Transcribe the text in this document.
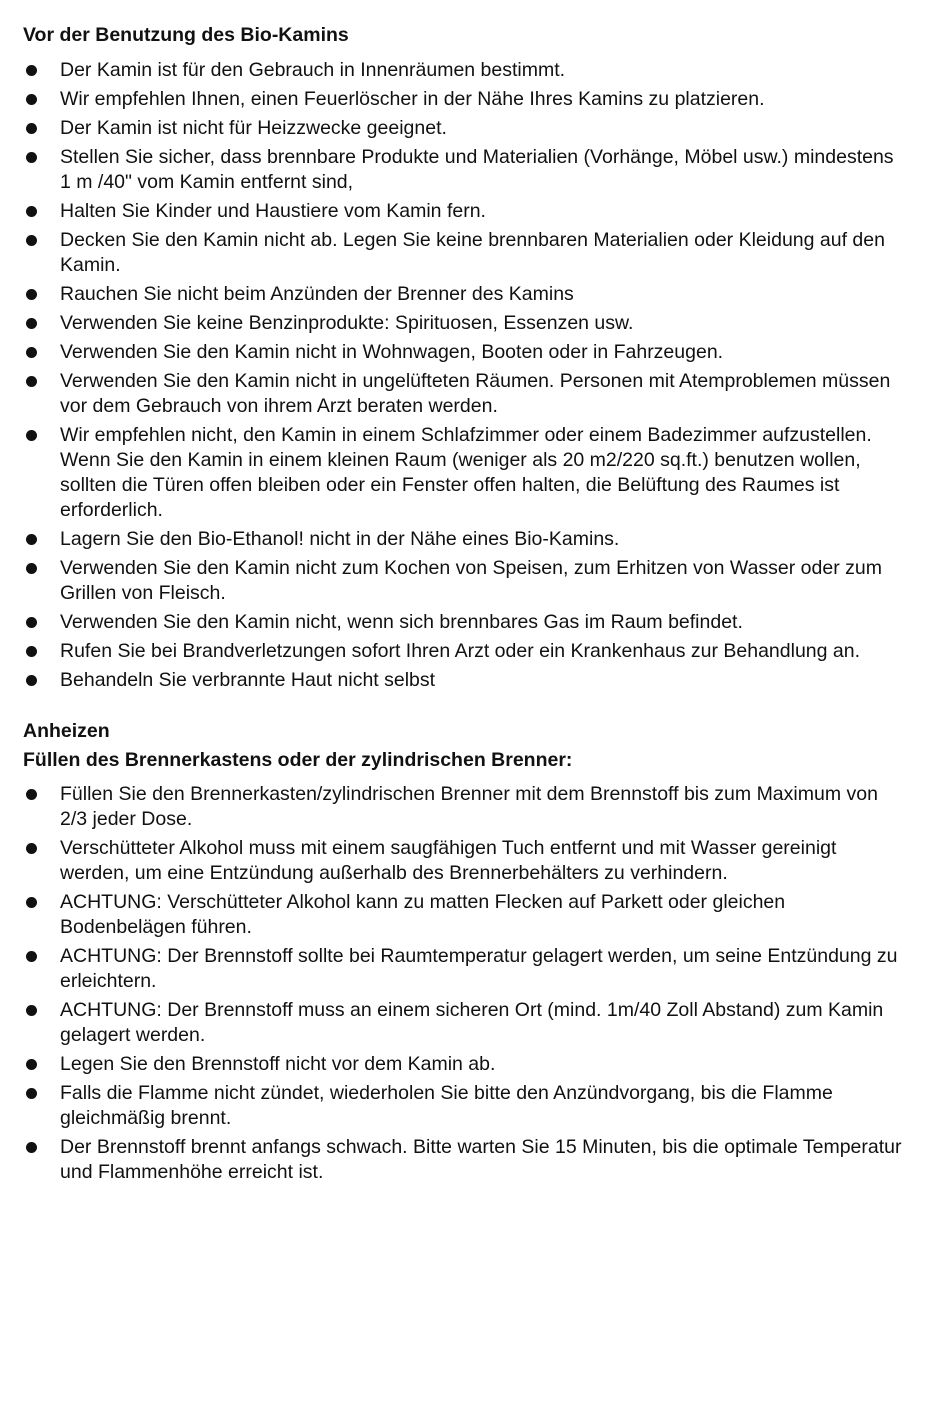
Vor der Benutzung des Bio-Kamins
Der Kamin ist für den Gebrauch in Innenräumen bestimmt.
Wir empfehlen Ihnen, einen Feuerlöscher in der Nähe Ihres Kamins zu platzieren.
Der Kamin ist nicht für Heizzwecke geeignet.
Stellen Sie sicher, dass brennbare Produkte und Materialien (Vorhänge, Möbel usw.) mindestens 1 m /40" vom Kamin entfernt sind,
Halten Sie Kinder und Haustiere vom Kamin fern.
Decken Sie den Kamin nicht ab. Legen Sie keine brennbaren Materialien oder Kleidung auf den Kamin.
Rauchen Sie nicht beim Anzünden der Brenner des Kamins
Verwenden Sie keine Benzinprodukte: Spirituosen, Essenzen usw.
Verwenden Sie den Kamin nicht in Wohnwagen, Booten oder in Fahrzeugen.
Verwenden Sie den Kamin nicht in ungelüfteten Räumen. Personen mit Atemproblemen müssen vor dem Gebrauch von ihrem Arzt beraten werden.
Wir empfehlen nicht, den Kamin in einem Schlafzimmer oder einem Badezimmer aufzustellen. Wenn Sie den Kamin in einem kleinen Raum (weniger als 20 m2/220 sq.ft.) benutzen wollen, sollten die Türen offen bleiben oder ein Fenster offen halten, die Belüftung des Raumes ist erforderlich.
Lagern Sie den Bio-Ethanol! nicht in der Nähe eines Bio-Kamins.
Verwenden Sie den Kamin nicht zum Kochen von Speisen, zum Erhitzen von Wasser oder zum Grillen von Fleisch.
Verwenden Sie den Kamin nicht, wenn sich brennbares Gas im Raum befindet.
Rufen Sie bei Brandverletzungen sofort Ihren Arzt oder ein Krankenhaus zur Behandlung an.
Behandeln Sie verbrannte Haut nicht selbst
Anheizen
Füllen des Brennerkastens oder der zylindrischen Brenner:
Füllen Sie den Brennerkasten/zylindrischen Brenner mit dem Brennstoff bis zum Maximum von 2/3 jeder Dose.
Verschütteter Alkohol muss mit einem saugfähigen Tuch entfernt und mit Wasser gereinigt werden, um eine Entzündung außerhalb des Brennerbehälters zu verhindern.
ACHTUNG: Verschütteter Alkohol kann zu matten Flecken auf Parkett oder gleichen Bodenbelägen führen.
ACHTUNG: Der Brennstoff sollte bei Raumtemperatur gelagert werden, um seine Entzündung zu erleichtern.
ACHTUNG: Der Brennstoff muss an einem sicheren Ort (mind. 1m/40 Zoll Abstand) zum Kamin gelagert werden.
Legen Sie den Brennstoff nicht vor dem Kamin ab.
Falls die Flamme nicht zündet, wiederholen Sie bitte den Anzündvorgang, bis die Flamme gleichmäßig brennt.
Der Brennstoff brennt anfangs schwach. Bitte warten Sie 15 Minuten, bis die optimale Temperatur und Flammenhöhe erreicht ist.
